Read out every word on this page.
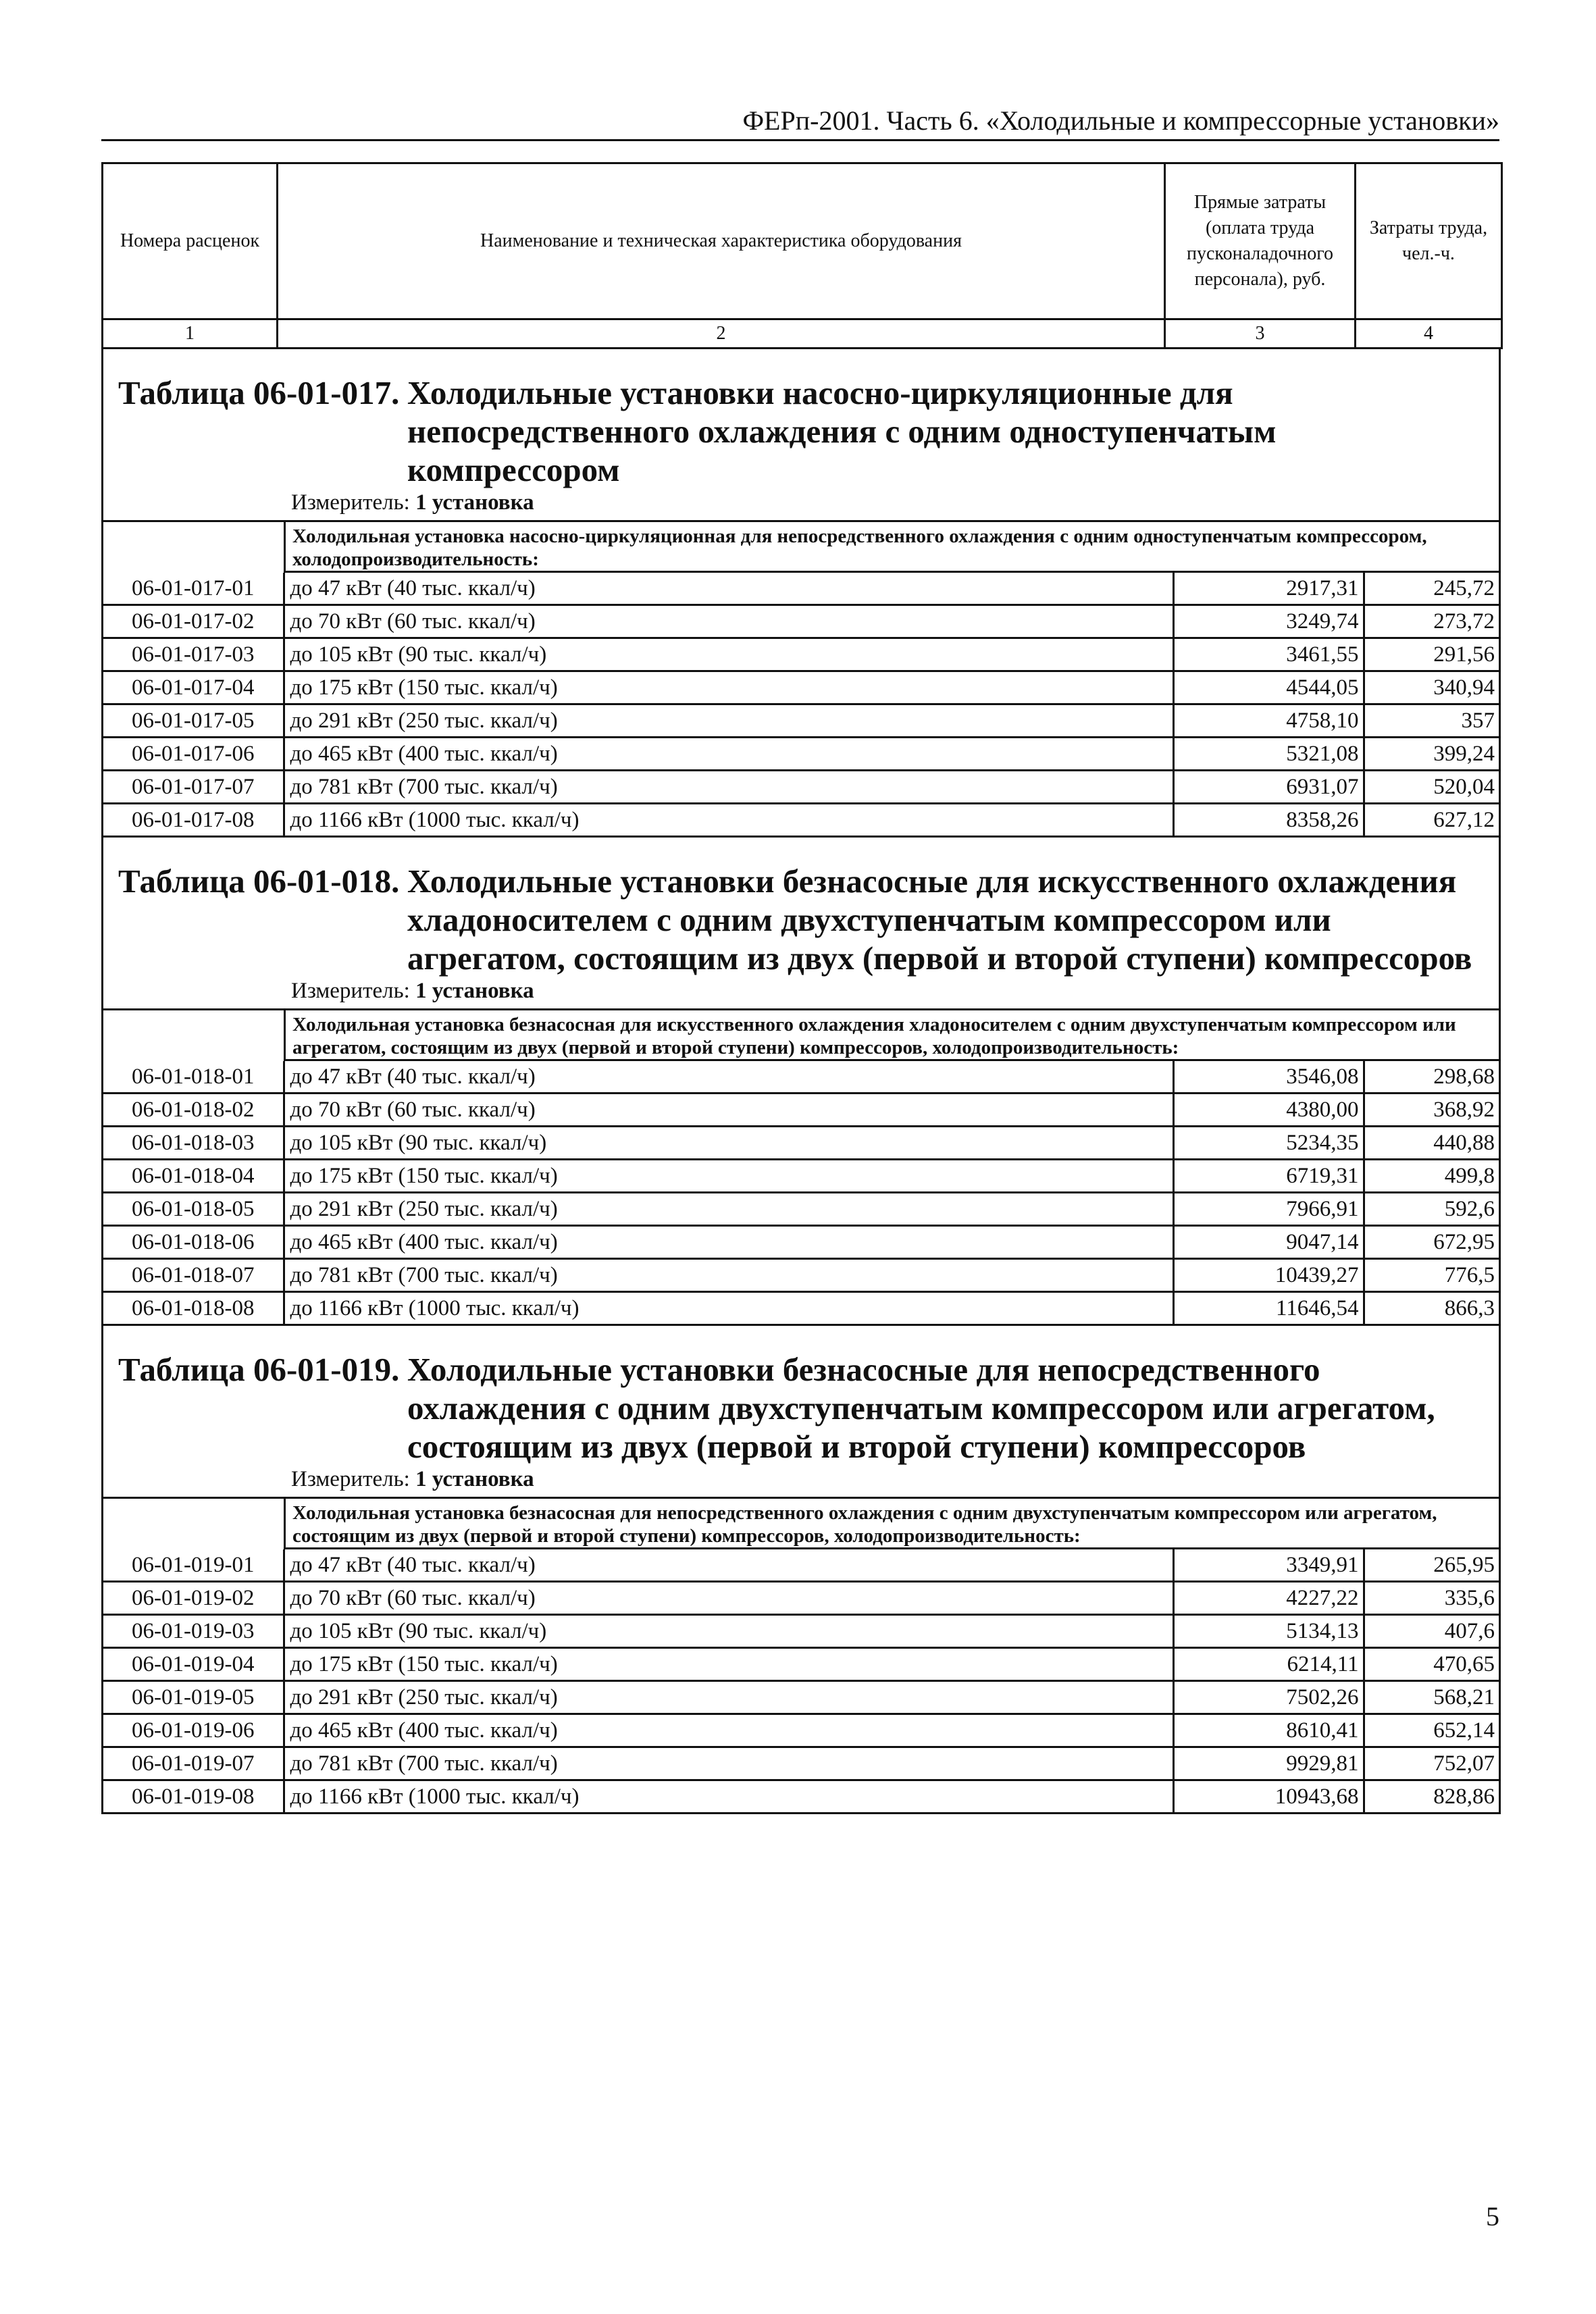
ФЕРп-2001. Часть 6. «Холодильные и компрессорные установки»
Номера расценок	Наименование и техническая характеристика оборудования	Прямые затраты (оплата труда пусконаладочного персонала), руб.	Затраты труда, чел.-ч.
1	2	3	4
Таблица 06-01-017. Холодильные установки насосно-циркуляционные для непосредственного охлаждения с одним одноступенчатым компрессором
Измеритель: 1 установка
Холодильная установка насосно-циркуляционная для непосредственного охлаждения с одним одноступенчатым компрессором, холодопроизводительность:
06-01-017-01	до 47 кВт (40 тыс. ккал/ч)	2917,31	245,72
06-01-017-02	до 70 кВт (60 тыс. ккал/ч)	3249,74	273,72
06-01-017-03	до 105 кВт (90 тыс. ккал/ч)	3461,55	291,56
06-01-017-04	до 175 кВт (150 тыс. ккал/ч)	4544,05	340,94
06-01-017-05	до 291 кВт (250 тыс. ккал/ч)	4758,10	357
06-01-017-06	до 465 кВт (400 тыс. ккал/ч)	5321,08	399,24
06-01-017-07	до 781 кВт (700 тыс. ккал/ч)	6931,07	520,04
06-01-017-08	до 1166 кВт (1000 тыс. ккал/ч)	8358,26	627,12
Таблица 06-01-018. Холодильные установки безнасосные для искусственного охлаждения хладоносителем с одним двухступенчатым компрессором или агрегатом, состоящим из двух (первой и второй ступени) компрессоров
Измеритель: 1 установка
Холодильная установка безнасосная для искусственного охлаждения хладоносителем с одним двухступенчатым компрессором или агрегатом, состоящим из двух (первой и второй ступени) компрессоров, холодопроизводительность:
06-01-018-01	до 47 кВт (40 тыс. ккал/ч)	3546,08	298,68
06-01-018-02	до 70 кВт (60 тыс. ккал/ч)	4380,00	368,92
06-01-018-03	до 105 кВт (90 тыс. ккал/ч)	5234,35	440,88
06-01-018-04	до 175 кВт (150 тыс. ккал/ч)	6719,31	499,8
06-01-018-05	до 291 кВт (250 тыс. ккал/ч)	7966,91	592,6
06-01-018-06	до 465 кВт (400 тыс. ккал/ч)	9047,14	672,95
06-01-018-07	до 781 кВт (700 тыс. ккал/ч)	10439,27	776,5
06-01-018-08	до 1166 кВт (1000 тыс. ккал/ч)	11646,54	866,3
Таблица 06-01-019. Холодильные установки безнасосные для непосредственного охлаждения с одним двухступенчатым компрессором или агрегатом, состоящим из двух (первой и второй ступени) компрессоров
Измеритель: 1 установка
Холодильная установка безнасосная для непосредственного охлаждения с одним двухступенчатым компрессором или агрегатом, состоящим из двух (первой и второй ступени) компрессоров, холодопроизводительность:
06-01-019-01	до 47 кВт (40 тыс. ккал/ч)	3349,91	265,95
06-01-019-02	до 70 кВт (60 тыс. ккал/ч)	4227,22	335,6
06-01-019-03	до 105 кВт (90 тыс. ккал/ч)	5134,13	407,6
06-01-019-04	до 175 кВт (150 тыс. ккал/ч)	6214,11	470,65
06-01-019-05	до 291 кВт (250 тыс. ккал/ч)	7502,26	568,21
06-01-019-06	до 465 кВт (400 тыс. ккал/ч)	8610,41	652,14
06-01-019-07	до 781 кВт (700 тыс. ккал/ч)	9929,81	752,07
06-01-019-08	до 1166 кВт (1000 тыс. ккал/ч)	10943,68	828,86
5
